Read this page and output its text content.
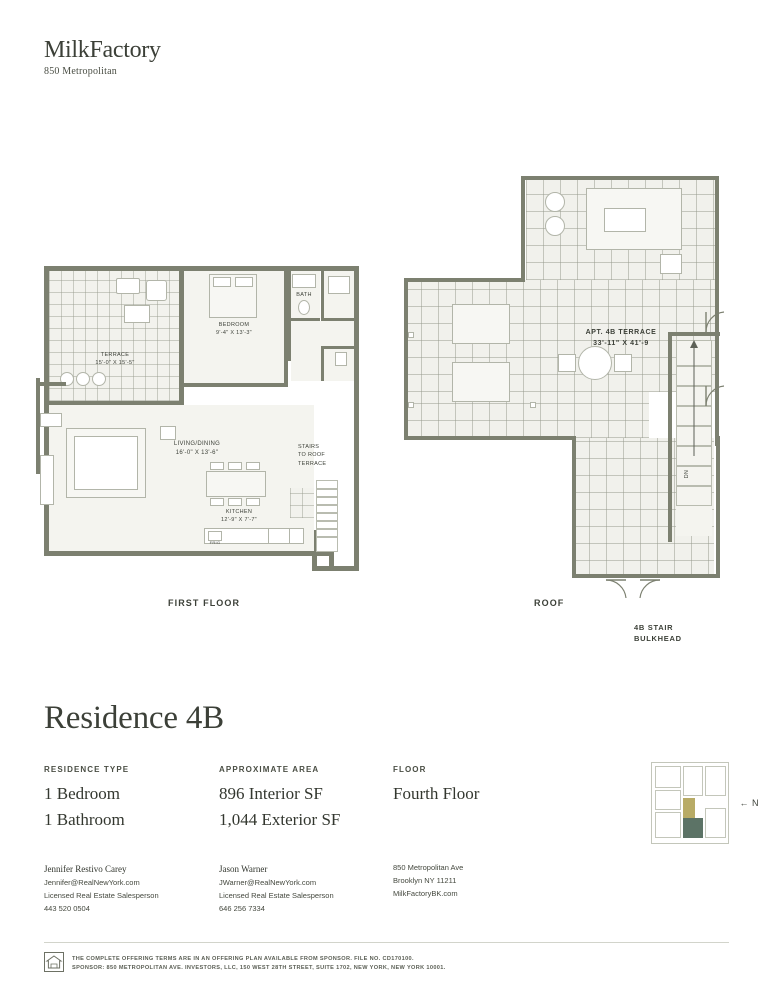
MilkFactory
850 Metropolitan
TERRACE
15'-0" X 15'-5"
BEDROOM
9'-4" X 13'-3"
BATH
LIVING/DINING
16'-0" X 13'-6"
KITCHEN
12'-9" X 7'-7"
FRIG
STAIRS
TO ROOF
TERRACE
FIRST FLOOR
DN
APT. 4B TERRACE
33'-11" X 41'-9
ROOF
4B STAIR
BULKHEAD
Residence 4B
RESIDENCE TYPE
1 Bedroom
1 Bathroom
APPROXIMATE AREA
896 Interior SF
1,044 Exterior SF
FLOOR
Fourth Floor	← N
Jennifer Restivo Carey
Jennifer@RealNewYork.com
Licensed Real Estate Salesperson
443 520 0504
Jason Warner
JWarner@RealNewYork.com
Licensed Real Estate Salesperson
646 256 7334
850 Metropolitan Ave
Brooklyn NY 11211
MilkFactoryBK.com
THE COMPLETE OFFERING TERMS ARE IN AN OFFERING PLAN AVAILABLE FROM SPONSOR. FILE NO. CD170100.
SPONSOR: 850 METROPOLITAN AVE. INVESTORS, LLC, 150 WEST 28TH STREET, SUITE 1702, NEW YORK, NEW YORK 10001.
